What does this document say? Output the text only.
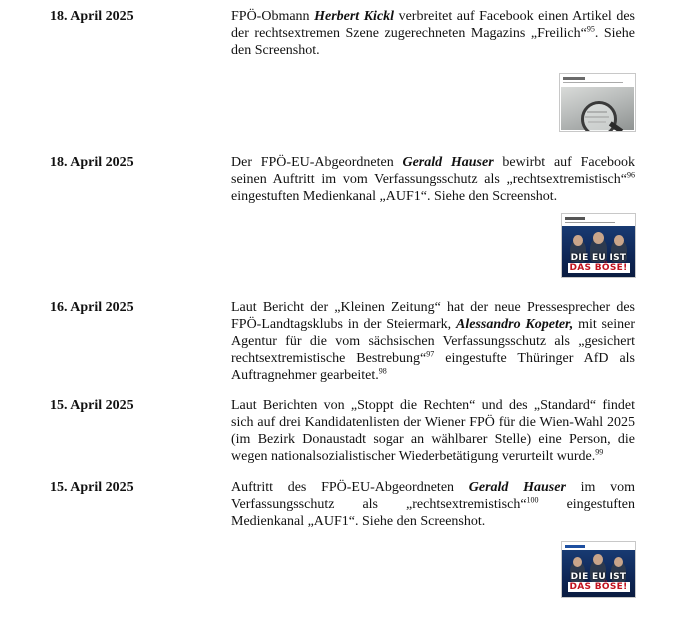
18. April 2025	FPÖ-Obmann Herbert Kickl verbreitet auf Facebook einen Artikel des der rechtsextremen Szene zugerechneten Magazins „Freilich“$^{95}$. Siehe den Screenshot.
18. April 2025	Der FPÖ-EU-Abgeordneten Gerald Hauser bewirbt auf Facebook seinen Auftritt im vom Verfassungsschutz als „rechtsextremistisch“$^{96}$ eingestuften Medienkanal „AUF1“. Siehe den Screenshot.
DIE EU IST
DAS BÖSE!
16. April 2025	Laut Bericht der „Kleinen Zeitung“ hat der neue Pressesprecher des FPÖ-Landtagsklubs in der Steiermark, Alessandro Kopeter, mit seiner Agentur für die vom sächsischen Verfassungsschutz als „gesichert rechtsextremistische Bestrebung“$^{97}$ eingestufte Thüringer AfD als Auftragnehmer gearbeitet.$^{98}$
15. April 2025	Laut Berichten von „Stoppt die Rechten“ und des „Standard“ findet sich auf drei Kandidatenlisten der Wiener FPÖ für die Wien-Wahl 2025 (im Bezirk Donaustadt sogar an wählbarer Stelle) eine Person, die wegen nationalsozialistischer Wiederbetätigung verurteilt wurde.$^{99}$
15. April 2025	Auftritt des FPÖ-EU-Abgeordneten Gerald Hauser im vom Verfassungsschutz als „rechtsextremistisch“$^{100}$ eingestuften Medienkanal „AUF1“. Siehe den Screenshot.
DIE EU IST
DAS BÖSE!
